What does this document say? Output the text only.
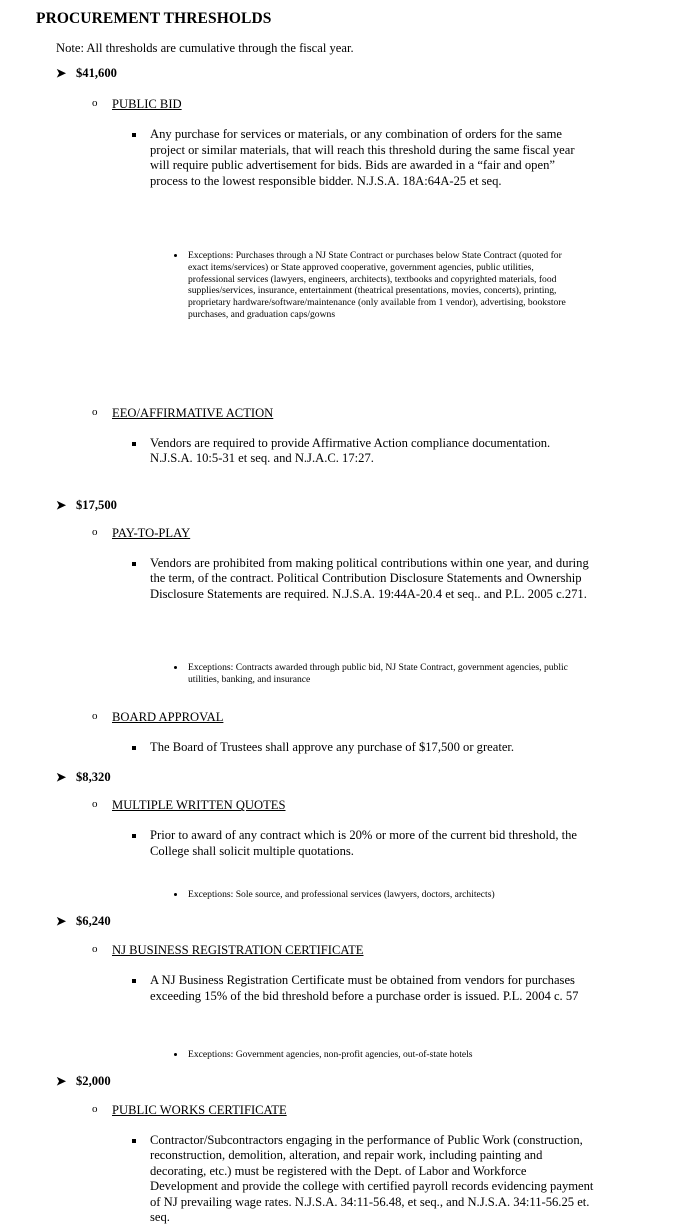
PROCUREMENT THRESHOLDS
Note: All thresholds are cumulative through the fiscal year.
➤ $41,600
o PUBLIC BID
Any purchase for services or materials, or any combination of orders for the same project or similar materials, that will reach this threshold during the same fiscal year will require public advertisement for bids. Bids are awarded in a “fair and open” process to the lowest responsible bidder. N.J.S.A. 18A:64A-25 et seq.
Exceptions: Purchases through a NJ State Contract or purchases below State Contract (quoted for exact items/services) or State approved cooperative, government agencies, public utilities, professional services (lawyers, engineers, architects), textbooks and copyrighted materials, food supplies/services, insurance, entertainment (theatrical presentations, movies, concerts), printing, proprietary hardware/software/maintenance (only available from 1 vendor), advertising, bookstore purchases, and graduation caps/gowns
o EEO/AFFIRMATIVE ACTION
Vendors are required to provide Affirmative Action compliance documentation. N.J.S.A. 10:5-31 et seq. and N.J.A.C. 17:27.
➤ $17,500
o PAY-TO-PLAY
Vendors are prohibited from making political contributions within one year, and during the term, of the contract. Political Contribution Disclosure Statements and Ownership Disclosure Statements are required. N.J.S.A. 19:44A-20.4 et seq.. and P.L. 2005 c.271.
Exceptions: Contracts awarded through public bid, NJ State Contract, government agencies, public utilities, banking, and insurance
o BOARD APPROVAL
The Board of Trustees shall approve any purchase of $17,500 or greater.
➤ $8,320
o MULTIPLE WRITTEN QUOTES
Prior to award of any contract which is 20% or more of the current bid threshold, the College shall solicit multiple quotations.
Exceptions: Sole source, and professional services (lawyers, doctors, architects)
➤ $6,240
o NJ BUSINESS REGISTRATION CERTIFICATE
A NJ Business Registration Certificate must be obtained from vendors for purchases exceeding 15% of the bid threshold before a purchase order is issued. P.L. 2004 c. 57
Exceptions: Government agencies, non-profit agencies, out-of-state hotels
➤ $2,000
o PUBLIC WORKS CERTIFICATE
Contractor/Subcontractors engaging in the performance of Public Work (construction, reconstruction, demolition, alteration, and repair work, including painting and decorating, etc.) must be registered with the Dept. of Labor and Workforce Development and provide the college with certified payroll records evidencing payment of NJ prevailing wage rates. N.J.S.A. 34:11-56.48, et seq., and N.J.S.A. 34:11-56.25 et. seq.
